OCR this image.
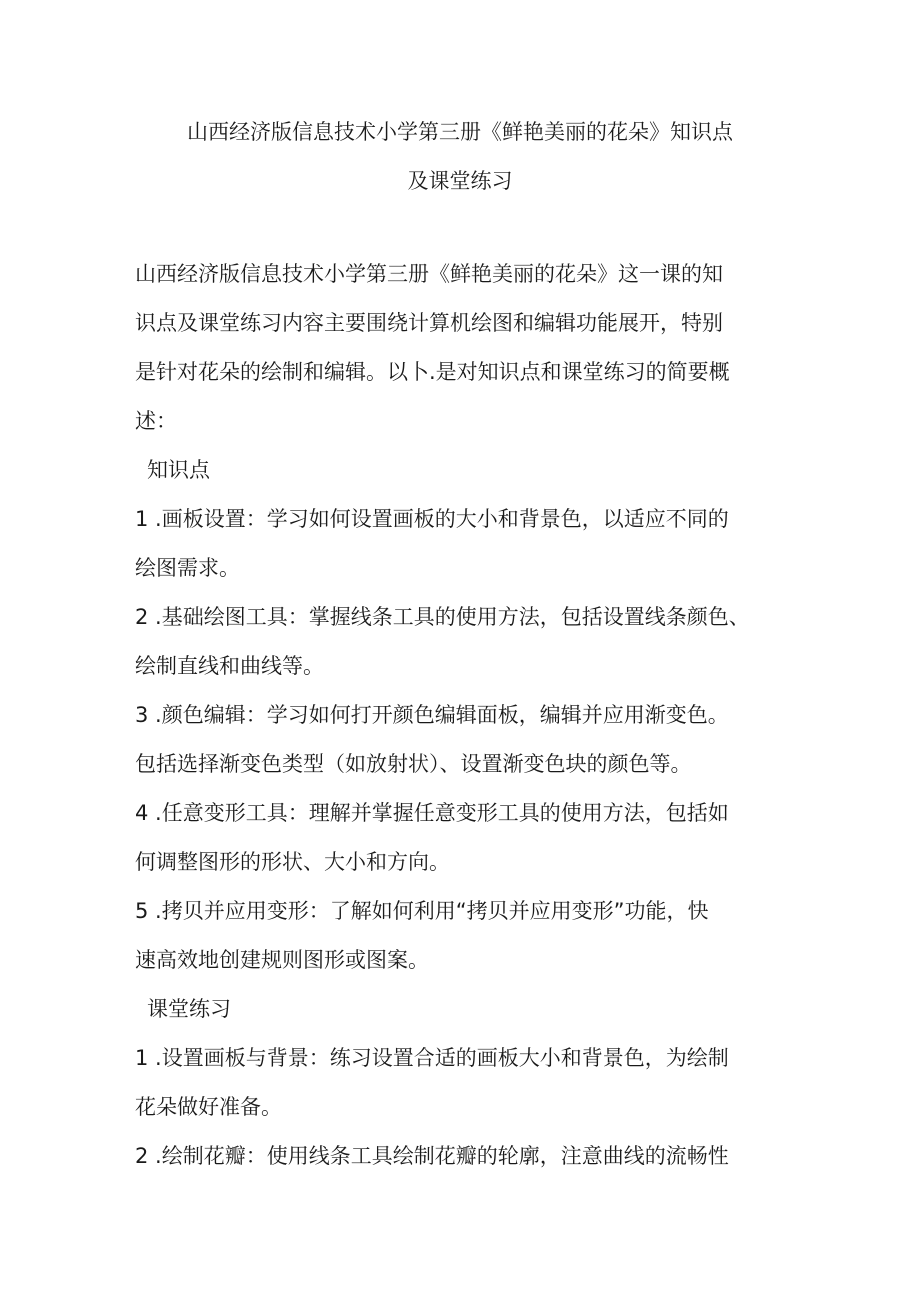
山西经济版信息技术小学第三册《鲜艳美丽的花朵》知识点
及课堂练习
山西经济版信息技术小学第三册《鲜艳美丽的花朵》这一课的知
识点及课堂练习内容主要围绕计算机绘图和编辑功能展开，特别
是针对花朵的绘制和编辑。以卜.是对知识点和课堂练习的简要概
述：
知识点
1 .画板设置：学习如何设置画板的大小和背景色，以适应不同的
绘图需求。
2 .基础绘图工具：掌握线条工具的使用方法，包括设置线条颜色、
绘制直线和曲线等。
3 .颜色编辑：学习如何打开颜色编辑面板，编辑并应用渐变色。
包括选择渐变色类型（如放射状）、设置渐变色块的颜色等。
4 .任意变形工具：理解并掌握任意变形工具的使用方法，包括如
何调整图形的形状、大小和方向。
5 .拷贝并应用变形：了解如何利用“拷贝并应用变形”功能，快
速高效地创建规则图形或图案。
课堂练习
1 .设置画板与背景：练习设置合适的画板大小和背景色，为绘制
花朵做好准备。
2 .绘制花瓣：使用线条工具绘制花瓣的轮廓，注意曲线的流畅性
